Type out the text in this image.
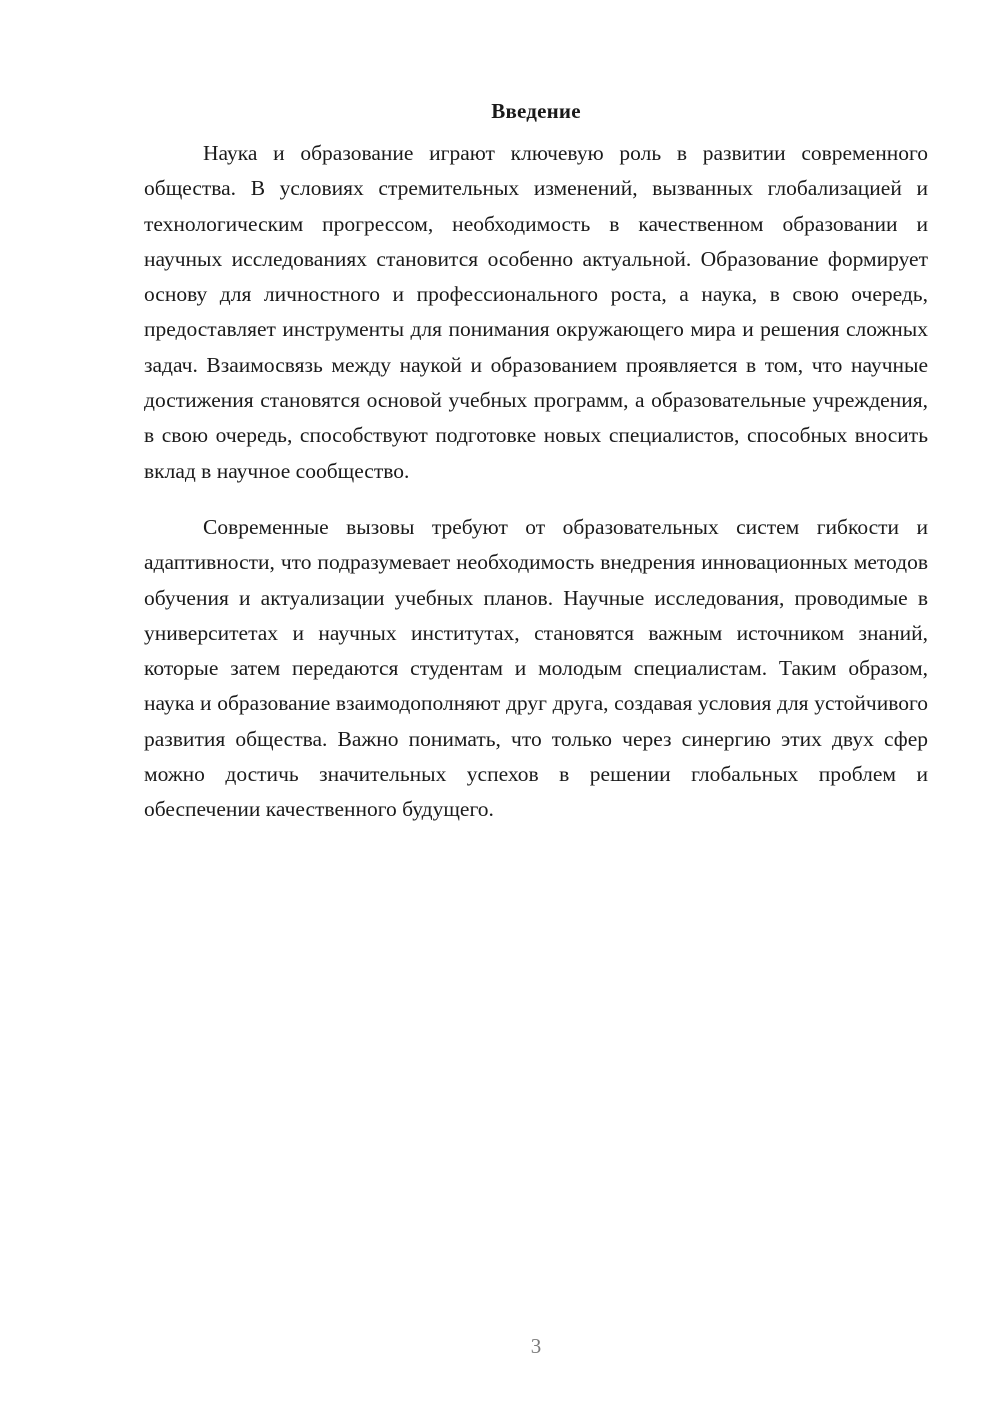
Введение

Наука и образование играют ключевую роль в развитии современного общества. В условиях стремительных изменений, вызванных глобализацией и технологическим прогрессом, необходимость в качественном образовании и научных исследованиях становится особенно актуальной. Образование формирует основу для личностного и профессионального роста, а наука, в свою очередь, предоставляет инструменты для понимания окружающего мира и решения сложных задач. Взаимосвязь между наукой и образованием проявляется в том, что научные достижения становятся основой учебных программ, а образовательные учреждения, в свою очередь, способствуют подготовке новых специалистов, способных вносить вклад в научное сообщество.

Современные вызовы требуют от образовательных систем гибкости и адаптивности, что подразумевает необходимость внедрения инновационных методов обучения и актуализации учебных планов. Научные исследования, проводимые в университетах и научных институтах, становятся важным источником знаний, которые затем передаются студентам и молодым специалистам. Таким образом, наука и образование взаимодополняют друг друга, создавая условия для устойчивого развития общества. Важно понимать, что только через синергию этих двух сфер можно достичь значительных успехов в решении глобальных проблем и обеспечении качественного будущего.

3
